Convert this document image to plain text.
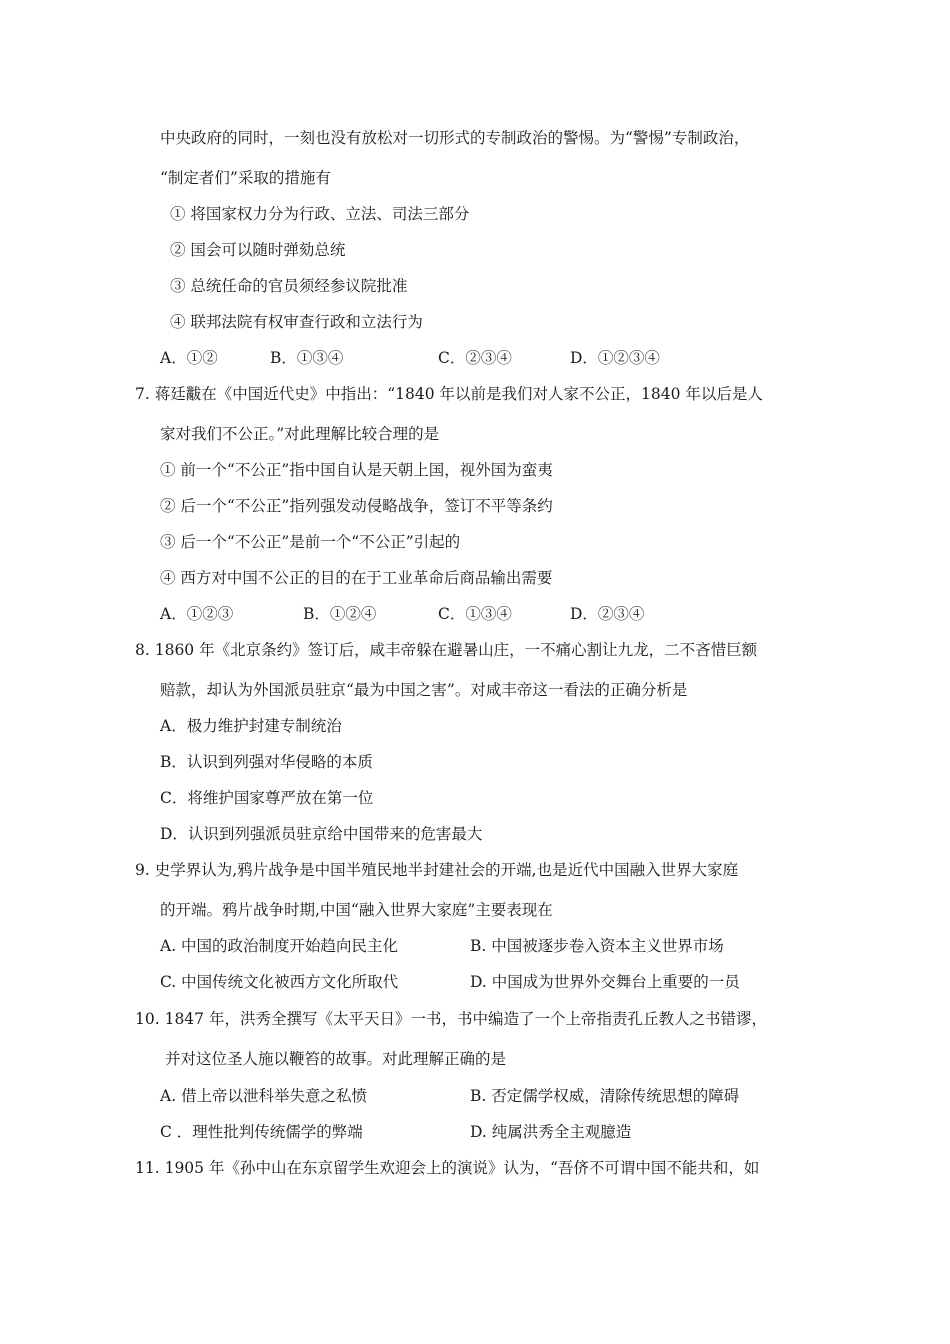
中央政府的同时，一刻也没有放松对一切形式的专制政治的警惕。为“警惕”专制政治，
“制定者们”采取的措施有
① 将国家权力分为行政、立法、司法三部分
② 国会可以随时弹劾总统
③ 总统任命的官员须经参议院批准
④ 联邦法院有权审查行政和立法行为
A．①②	B．①③④	C．②③④	D．①②③④
7. 蒋廷黻在《中国近代史》中指出：“1840 年以前是我们对人家不公正，1840 年以后是人
家对我们不公正。”对此理解比较合理的是
① 前一个“不公正”指中国自认是天朝上国，视外国为蛮夷
② 后一个“不公正”指列强发动侵略战争，签订不平等条约
③ 后一个“不公正”是前一个“不公正”引起的
④ 西方对中国不公正的目的在于工业革命后商品输出需要
A．①②③	B．①②④	C．①③④	D．②③④
8. 1860 年《北京条约》签订后，咸丰帝躲在避暑山庄，一不痛心割让九龙，二不吝惜巨额
赔款，却认为外国派员驻京“最为中国之害”。对咸丰帝这一看法的正确分析是
A．极力维护封建专制统治
B．认识到列强对华侵略的本质
C．将维护国家尊严放在第一位
D．认识到列强派员驻京给中国带来的危害最大
9. 史学界认为,鸦片战争是中国半殖民地半封建社会的开端,也是近代中国融入世界大家庭
的开端。鸦片战争时期,中国“融入世界大家庭”主要表现在
A. 中国的政治制度开始趋向民主化	B. 中国被逐步卷入资本主义世界市场
C. 中国传统文化被西方文化所取代	D. 中国成为世界外交舞台上重要的一员
10. 1847 年，洪秀全撰写《太平天日》一书，书中编造了一个上帝指责孔丘教人之书错谬，
并对这位圣人施以鞭笞的故事。对此理解正确的是
A. 借上帝以泄科举失意之私愤	B. 否定儒学权威，清除传统思想的障碍
C ．理性批判传统儒学的弊端	D. 纯属洪秀全主观臆造
11. 1905 年《孙中山在东京留学生欢迎会上的演说》认为，“吾侪不可谓中国不能共和，如
